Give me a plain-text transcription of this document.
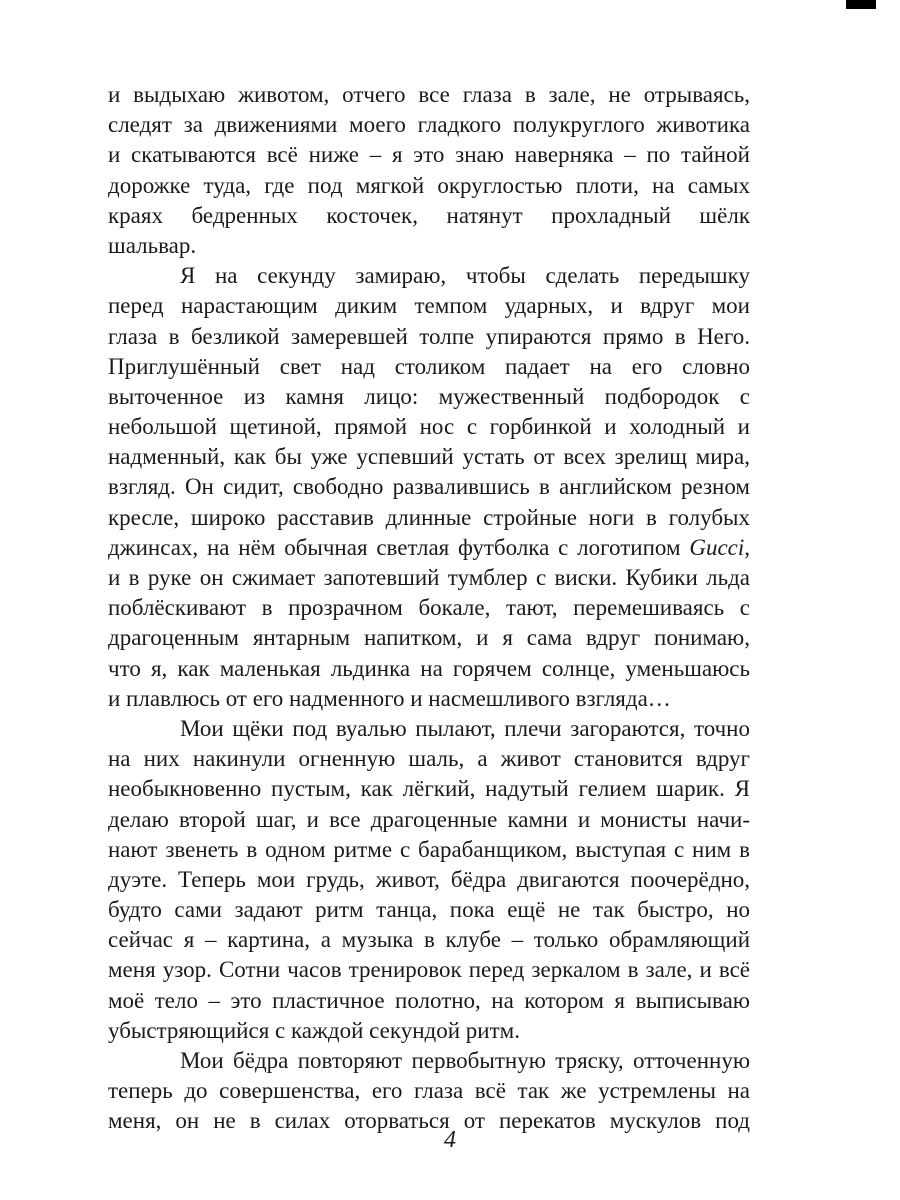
и выдыхаю животом, отчего все глаза в зале, не отрываясь,
следят за движениями моего гладкого полукруглого животика
и скатываются всё ниже – я это знаю наверняка – по тайной
дорожке туда, где под мягкой округлостью плоти, на самых
краях бедренных косточек, натянут прохладный шёлк
шальвар.
Я на секунду замираю, чтобы сделать передышку
перед нарастающим диким темпом ударных, и вдруг мои
глаза в безликой замеревшей толпе упираются прямо в Него.
Приглушённый свет над столиком падает на его словно
выточенное из камня лицо: мужественный подбородок с
небольшой щетиной, прямой нос с горбинкой и холодный и
надменный, как бы уже успевший устать от всех зрелищ мира,
взгляд. Он сидит, свободно развалившись в английском резном
кресле, широко расставив длинные стройные ноги в голубых
джинсах, на нём обычная светлая футболка с логотипом Gucci,
и в руке он сжимает запотевший тумблер с виски. Кубики льда
поблёскивают в прозрачном бокале, тают, перемешиваясь с
драгоценным янтарным напитком, и я сама вдруг понимаю,
что я, как маленькая льдинка на горячем солнце, уменьшаюсь
и плавлюсь от его надменного и насмешливого взгляда…
Мои щёки под вуалью пылают, плечи загораются, точно
на них накинули огненную шаль, а живот становится вдруг
необыкновенно пустым, как лёгкий, надутый гелием шарик. Я
делаю второй шаг, и все драгоценные камни и монисты начи-
нают звенеть в одном ритме с барабанщиком, выступая с ним в
дуэте. Теперь мои грудь, живот, бёдра двигаются поочерёдно,
будто сами задают ритм танца, пока ещё не так быстро, но
сейчас я – картина, а музыка в клубе – только обрамляющий
меня узор. Сотни часов тренировок перед зеркалом в зале, и всё
моё тело – это пластичное полотно, на котором я выписываю
убыстряющийся с каждой секундой ритм.
Мои бёдра повторяют первобытную тряску, отточенную
теперь до совершенства, его глаза всё так же устремлены на
меня, он не в силах оторваться от перекатов мускулов под
4
